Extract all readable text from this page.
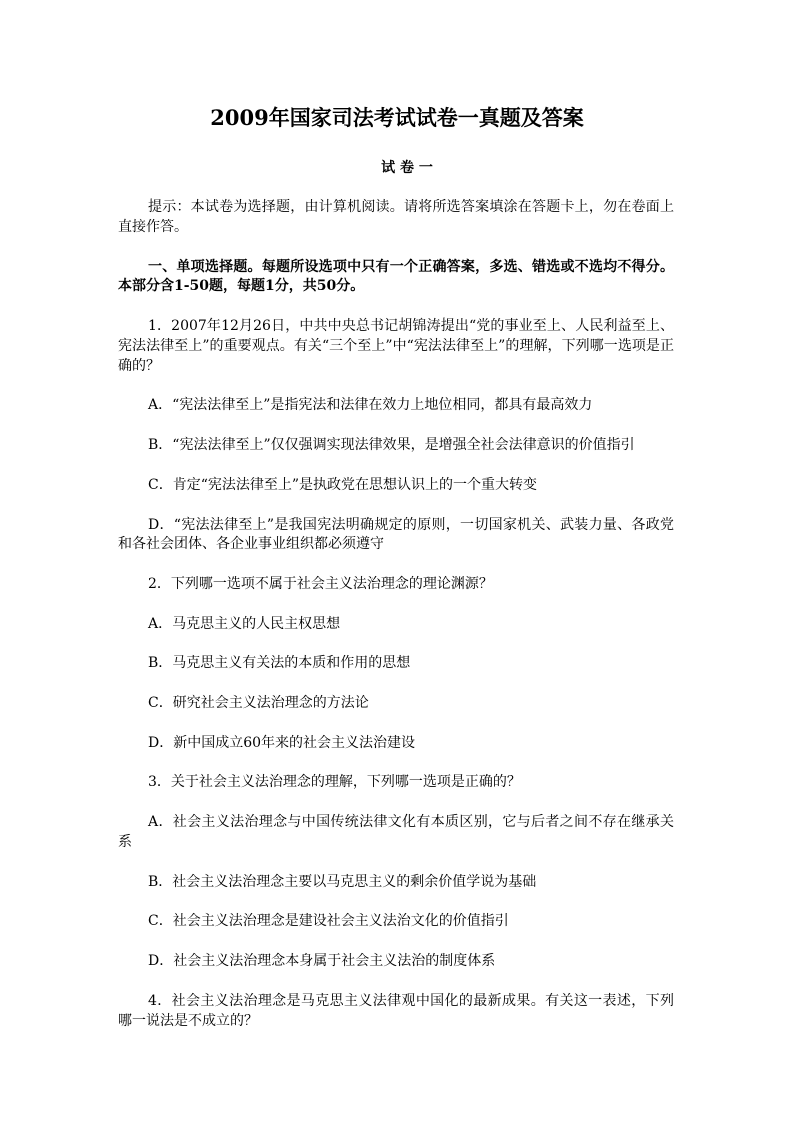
2009年国家司法考试试卷一真题及答案
试 卷 一

提示：本试卷为选择题，由计算机阅读。请将所选答案填涂在答题卡上，勿在卷面上直接作答。

一、单项选择题。每题所设选项中只有一个正确答案，多选、错选或不选均不得分。本部分含1-50题，每题1分，共50分。

1．2007年12月26日，中共中央总书记胡锦涛提出“党的事业至上、人民利益至上、宪法法律至上”的重要观点。有关“三个至上”中“宪法法律至上”的理解，下列哪一选项是正确的？

A．“宪法法律至上”是指宪法和法律在效力上地位相同，都具有最高效力

B．“宪法法律至上”仅仅强调实现法律效果，是增强全社会法律意识的价值指引

C．肯定“宪法法律至上”是执政党在思想认识上的一个重大转变

D．“宪法法律至上”是我国宪法明确规定的原则，一切国家机关、武装力量、各政党和各社会团体、各企业事业组织都必须遵守

2．下列哪一选项不属于社会主义法治理念的理论渊源？

A．马克思主义的人民主权思想

B．马克思主义有关法的本质和作用的思想

C．研究社会主义法治理念的方法论

D．新中国成立60年来的社会主义法治建设

3．关于社会主义法治理念的理解，下列哪一选项是正确的？

A．社会主义法治理念与中国传统法律文化有本质区别，它与后者之间不存在继承关系

B．社会主义法治理念主要以马克思主义的剩余价值学说为基础

C．社会主义法治理念是建设社会主义法治文化的价值指引

D．社会主义法治理念本身属于社会主义法治的制度体系

4．社会主义法治理念是马克思主义法律观中国化的最新成果。有关这一表述，下列哪一说法是不成立的？
